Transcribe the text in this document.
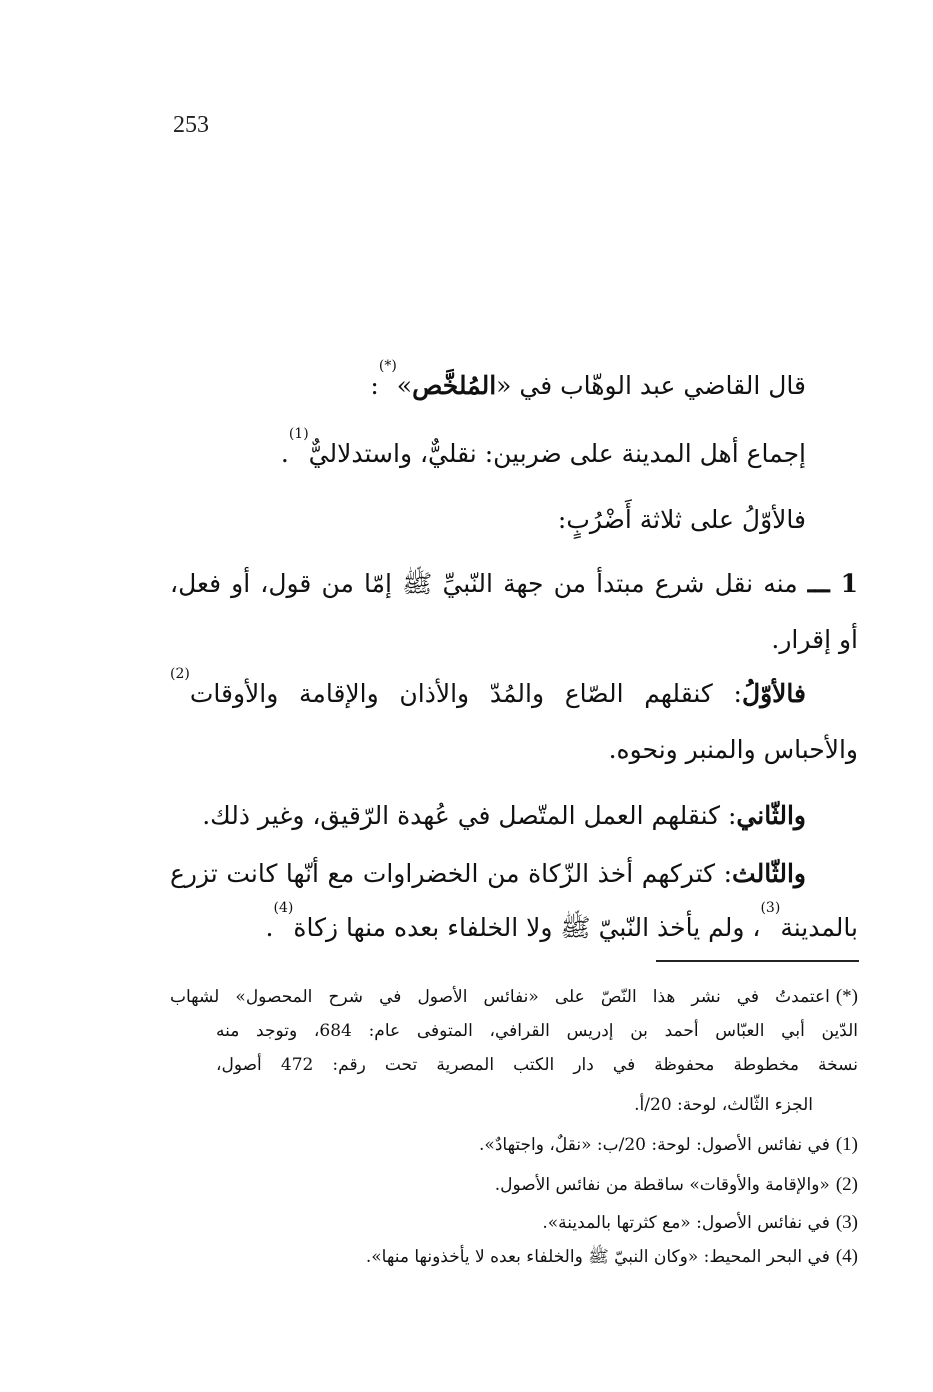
253
قال القاضي عبد الوهّاب في «المُلخَّص»(*):
إجماع أهل المدينة على ضربين: نقليٌّ، واستدلاليٌّ$^{(1)}$.
فالأوّلُ على ثلاثة أَضْرُبٍ:
1 ـــ منه نقل شرع مبتدأ من جهة النّبيِّ ﷺ إمّا من قول، أو فعل،
أو إقرار.
فالأوّلُ: كنقلهم الصّاع والمُدّ والأذان والإقامة والأوقات$^{(2)}$
والأحباس والمنبر ونحوه.
والثّاني: كنقلهم العمل المتّصل في عُهدة الرّقيق، وغير ذلك.
والثّالث: كتركهم أخذ الزّكاة من الخضراوات مع أنّها كانت تزرع
بالمدينة$^{(3)}$، ولم يأخذ النّبيّ ﷺ ولا الخلفاء بعده منها زكاة$^{(4)}$.
(*)اعتمدتُ في نشر هذا النّصّ على «نفائس الأصول في شرح المحصول» لشهاب
الدّين أبي العبّاس أحمد بن إدريس القرافي، المتوفى عام: 684، وتوجد منه
نسخة مخطوطة محفوظة في دار الكتب المصرية تحت رقم: 472 أصول،
الجزء الثّالث، لوحة: 20/أ.
(1)في نفائس الأصول: لوحة: 20/ب: «نقلٌ، واجتهادٌ».
(2)«والإقامة والأوقات» ساقطة من نفائس الأصول.
(3)في نفائس الأصول: «مع كثرتها بالمدينة».
(4)في البحر المحيط: «وكان النبيّ ﷺ والخلفاء بعده لا يأخذونها منها».
